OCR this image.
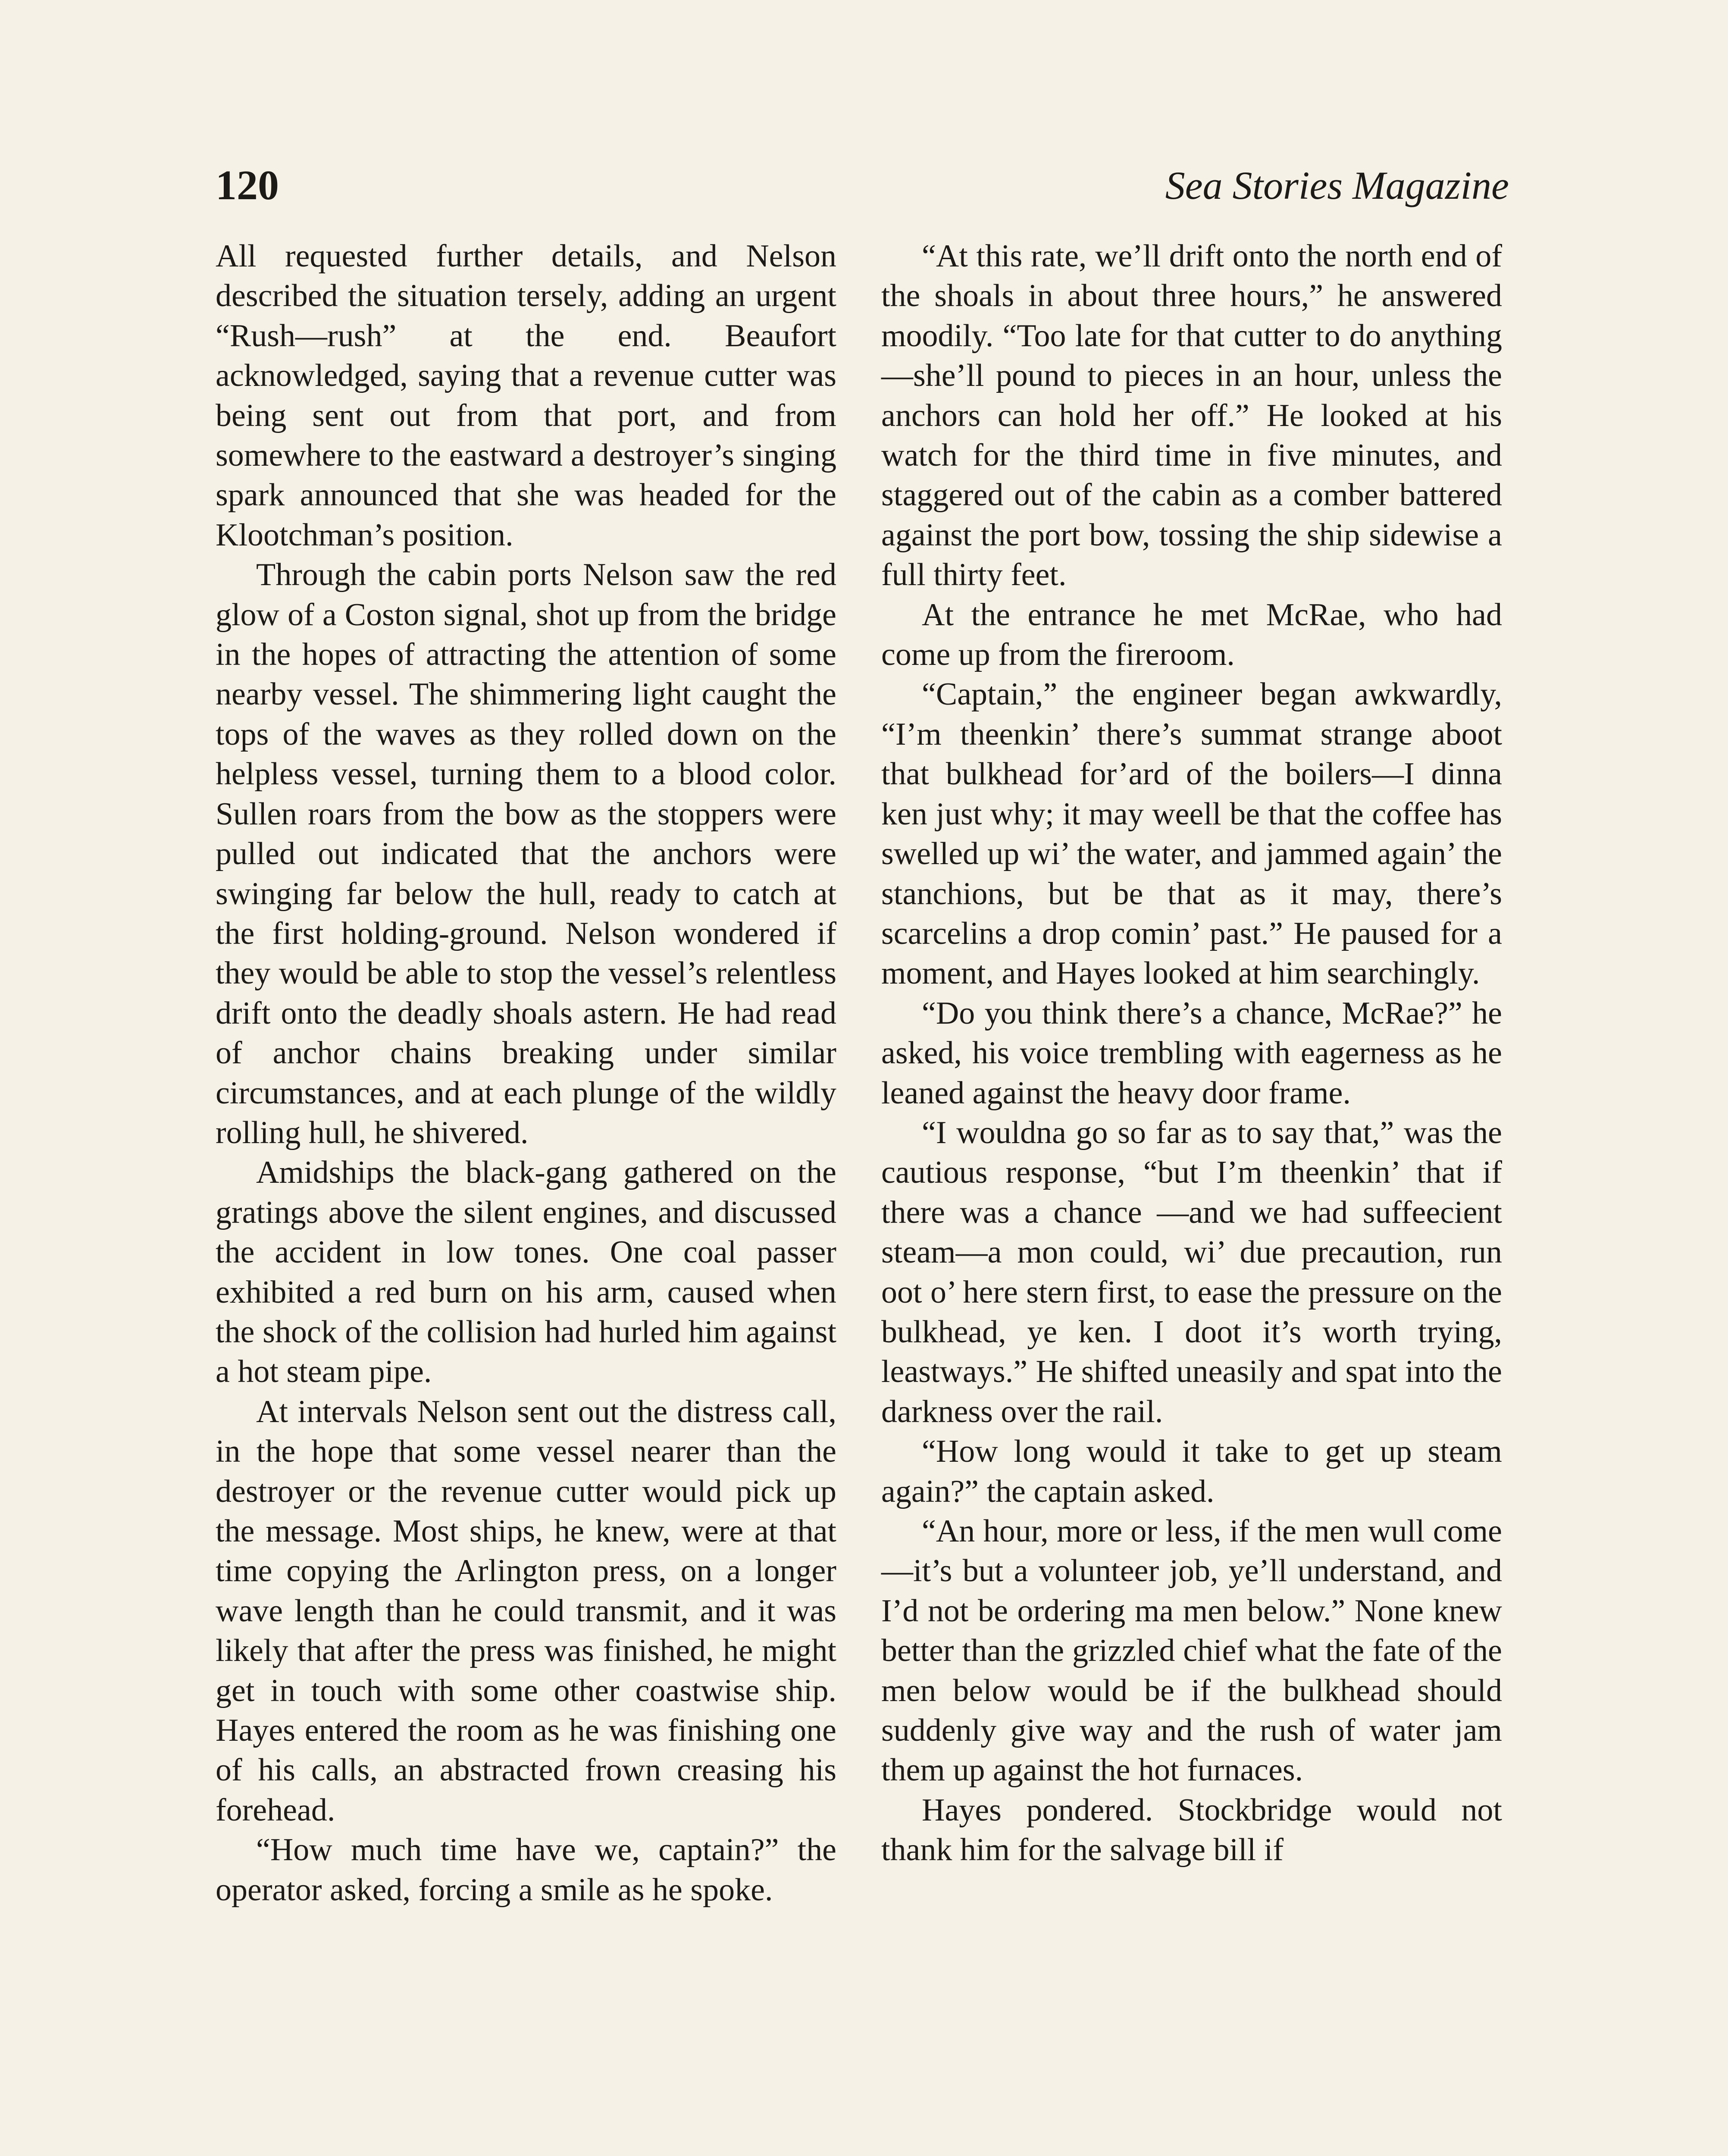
120	Sea Stories Magazine

All requested further details, and Nelson described the situation tersely, adding an urgent “Rush—rush” at the end. Beaufort acknowledged, saying that a revenue cutter was being sent out from that port, and from somewhere to the eastward a destroyer’s singing spark announced that she was headed for the Klootchman’s position.

Through the cabin ports Nelson saw the red glow of a Coston signal, shot up from the bridge in the hopes of attracting the attention of some nearby vessel. The shimmering light caught the tops of the waves as they rolled down on the helpless vessel, turning them to a blood color. Sullen roars from the bow as the stoppers were pulled out indicated that the anchors were swinging far below the hull, ready to catch at the first holding-ground. Nelson wondered if they would be able to stop the vessel’s relentless drift onto the deadly shoals astern. He had read of anchor chains breaking under similar circumstances, and at each plunge of the wildly rolling hull, he shivered.

Amidships the black-gang gathered on the gratings above the silent engines, and discussed the accident in low tones. One coal passer exhibited a red burn on his arm, caused when the shock of the collision had hurled him against a hot steam pipe.

At intervals Nelson sent out the distress call, in the hope that some vessel nearer than the destroyer or the revenue cutter would pick up the message. Most ships, he knew, were at that time copying the Arlington press, on a longer wave length than he could transmit, and it was likely that after the press was finished, he might get in touch with some other coastwise ship. Hayes entered the room as he was finishing one of his calls, an abstracted frown creasing his forehead.

“How much time have we, captain?” the operator asked, forcing a smile as he spoke.

“At this rate, we’ll drift onto the north end of the shoals in about three hours,” he answered moodily. “Too late for that cutter to do anything—she’ll pound to pieces in an hour, unless the anchors can hold her off.” He looked at his watch for the third time in five minutes, and staggered out of the cabin as a comber battered against the port bow, tossing the ship sidewise a full thirty feet.

At the entrance he met McRae, who had come up from the fireroom.

“Captain,” the engineer began awkwardly, “I’m theenkin’ there’s summat strange aboot that bulkhead for’ard of the boilers—I dinna ken just why; it may weell be that the coffee has swelled up wi’ the water, and jammed again’ the stanchions, but be that as it may, there’s scarcelins a drop comin’ past.” He paused for a moment, and Hayes looked at him searchingly.

“Do you think there’s a chance, McRae?” he asked, his voice trembling with eagerness as he leaned against the heavy door frame.

“I wouldna go so far as to say that,” was the cautious response, “but I’m theenkin’ that if there was a chance —and we had suffeecient steam—a mon could, wi’ due precaution, run oot o’ here stern first, to ease the pressure on the bulkhead, ye ken. I doot it’s worth trying, leastways.” He shifted uneasily and spat into the darkness over the rail.

“How long would it take to get up steam again?” the captain asked.

“An hour, more or less, if the men wull come—it’s but a volunteer job, ye’ll understand, and I’d not be ordering ma men below.” None knew better than the grizzled chief what the fate of the men below would be if the bulkhead should suddenly give way and the rush of water jam them up against the hot furnaces.

Hayes pondered. Stockbridge would not thank him for the salvage bill if
